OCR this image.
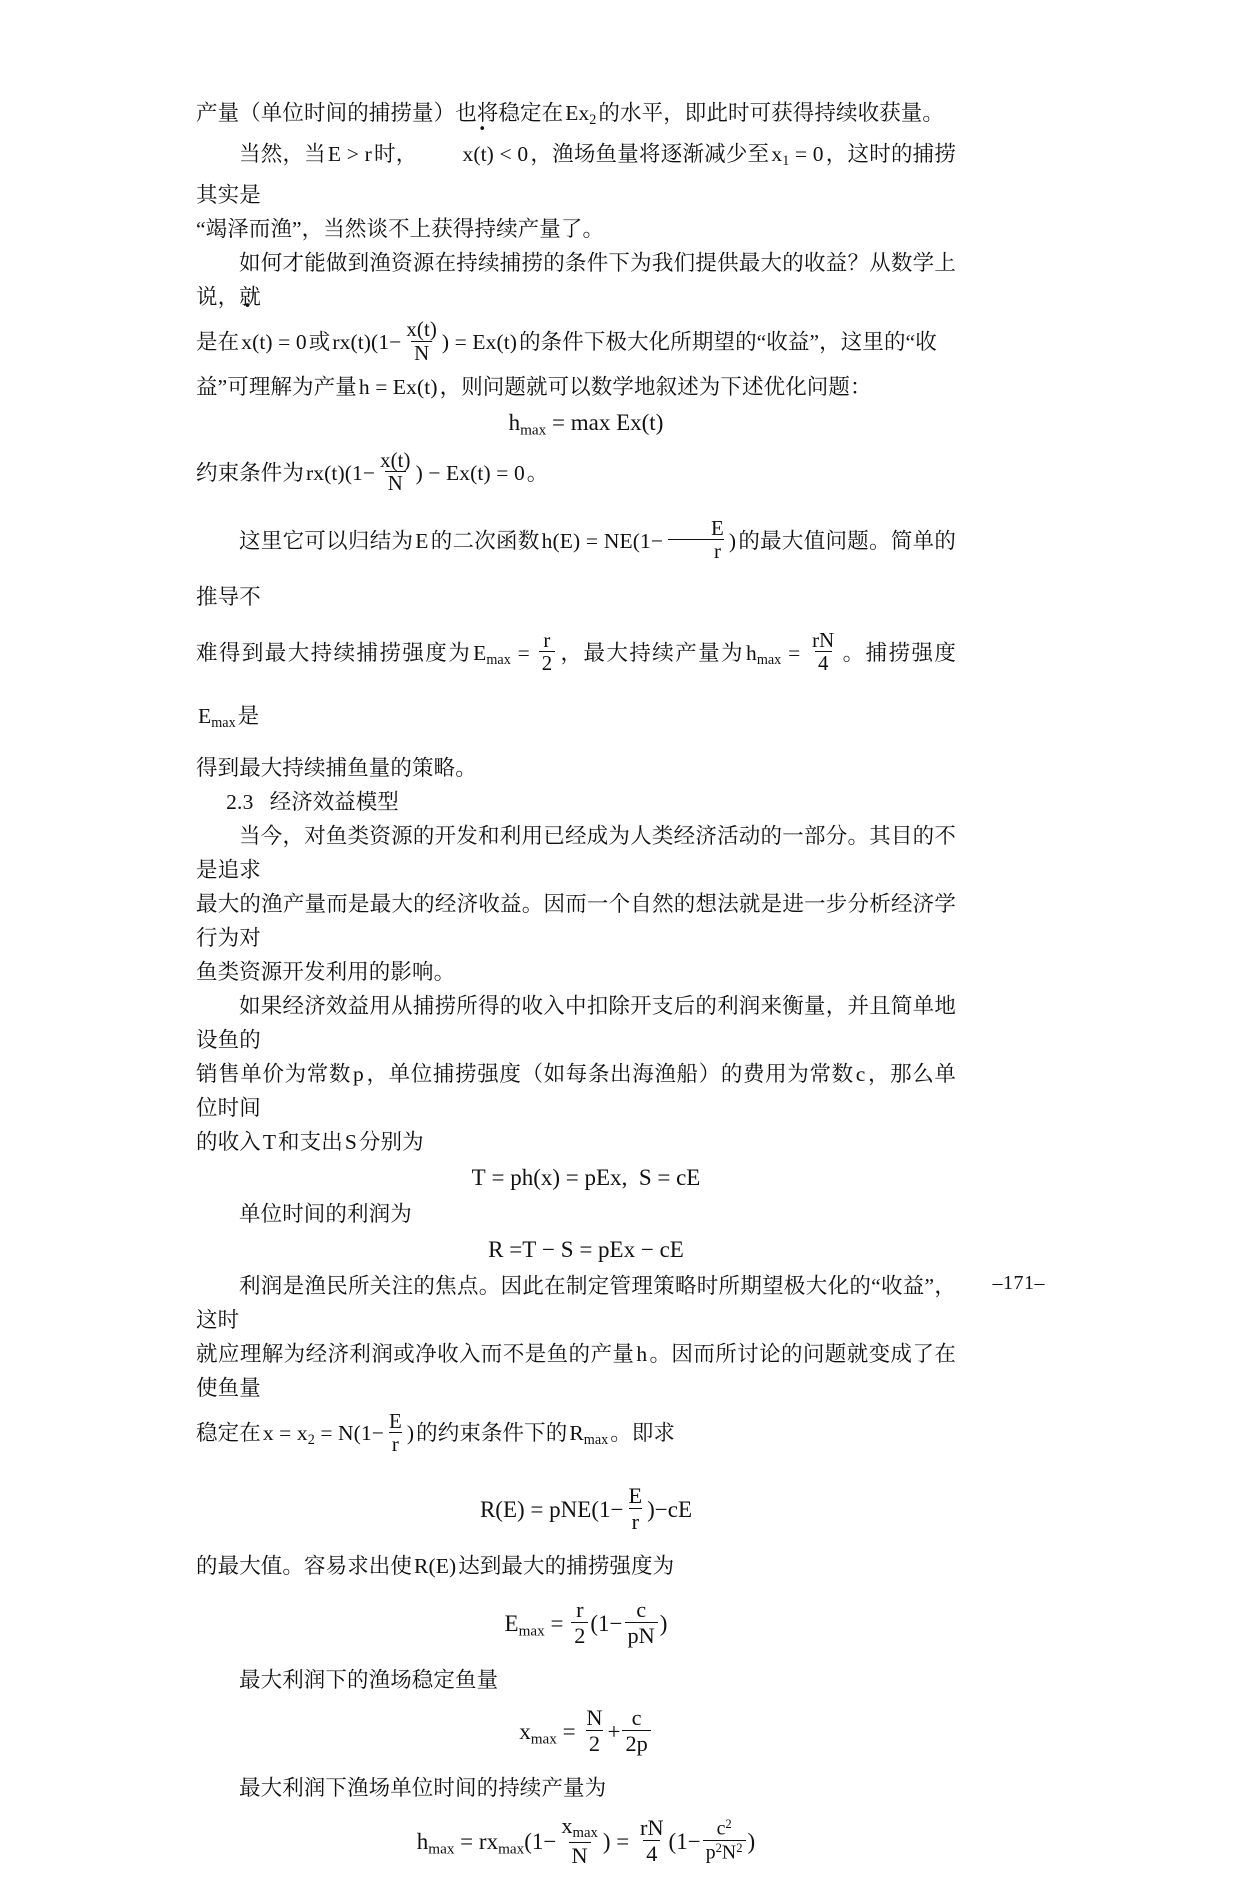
产量（单位时间的捕捞量）也将稳定在$Ex_2$的水平，即此时可获得持续收获量。
当然，当E > r时， · x(t) < 0，渔场鱼量将逐渐减少至$x_1 = 0$，这时的捕捞其实是
“竭泽而渔”，当然谈不上获得持续产量了。
如何才能做到渔资源在持续捕捞的条件下为我们提供最大的收益？从数学上说，就
是在· x(t) = 0或$rx(t)(1- \frac{x(t)}{N}$ ) = Ex(t)的条件下极大化所期望的“收益”，这里的“收
益”可理解为产量h = Ex(t)，则问题就可以数学地叙述为下述优化问题：
$h_{max} = \max Ex(t)$
约束条件为$rx(t)(1- \frac{x(t)}{N}$ ) − Ex(t) = 0。
这里它可以归结为E的二次函数$h(E) = NE(1- \frac{E}{r}$ )的最大值问题。简单的推导不
难得到最大持续捕捞强度为$E_{max} = \frac{r}{2}$ ，最大持续产量为$h_{max} = \frac{rN}{4}$ 。捕捞强度$E_{max}$是
得到最大持续捕鱼量的策略。
2.3 经济效益模型
当今，对鱼类资源的开发和利用已经成为人类经济活动的一部分。其目的不是追求
最大的渔产量而是最大的经济收益。因而一个自然的想法就是进一步分析经济学行为对
鱼类资源开发利用的影响。
如果经济效益用从捕捞所得的收入中扣除开支后的利润来衡量，并且简单地设鱼的
销售单价为常数p，单位捕捞强度（如每条出海渔船）的费用为常数c，那么单位时间
的收入T和支出S分别为
T = ph(x) = pEx, S = cE
单位时间的利润为
R =T − S = pEx − cE
利润是渔民所关注的焦点。因此在制定管理策略时所期望极大化的“收益”，这时
就应理解为经济利润或净收入而不是鱼的产量h。因而所讨论的问题就变成了在使鱼量
稳定在$x = x_2 = N(1- \frac{E}{r}$ )的约束条件下的$R_{max}$。即求
$R(E) = pNE(1- \frac{E}{r} )-cE$
的最大值。容易求出使R(E)达到最大的捕捞强度为
$E_{max} = \frac{r}{2} (1- \frac{c}{pN}$ )
最大利润下的渔场稳定鱼量
$x_{max} = \frac{N}{2} + \frac{c}{2p}$
最大利润下渔场单位时间的持续产量为
$h_{max} = rx_{max}(1- \frac{x_{max}}{N}$ ) = $\frac{rN}{4} (1- \frac{c^2}{p^2N^2}$ )
–171–
